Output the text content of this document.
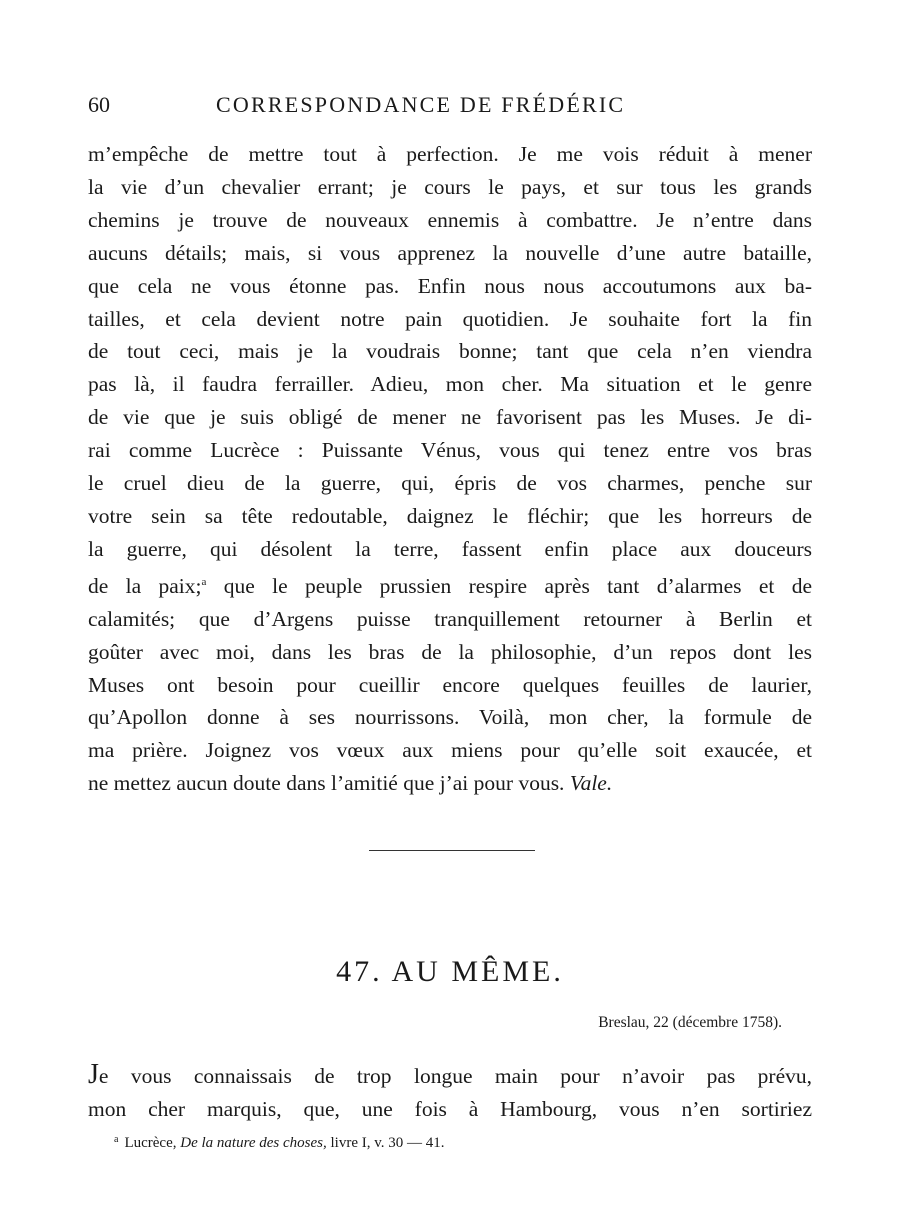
60	CORRESPONDANCE DE FRÉDÉRIC
m’empêche de mettre tout à perfection. Je me vois réduit à mener
la vie d’un chevalier errant; je cours le pays, et sur tous les grands
chemins je trouve de nouveaux ennemis à combattre. Je n’entre dans
aucuns détails; mais, si vous apprenez la nouvelle d’une autre bataille,
que cela ne vous étonne pas. Enfin nous nous accoutumons aux ba-
tailles, et cela devient notre pain quotidien. Je souhaite fort la fin
de tout ceci, mais je la voudrais bonne; tant que cela n’en viendra
pas là, il faudra ferrailler. Adieu, mon cher. Ma situation et le genre
de vie que je suis obligé de mener ne favorisent pas les Muses. Je di-
rai comme Lucrèce : Puissante Vénus, vous qui tenez entre vos bras
le cruel dieu de la guerre, qui, épris de vos charmes, penche sur
votre sein sa tête redoutable, daignez le fléchir; que les horreurs de
la guerre, qui désolent la terre, fassent enfin place aux douceurs
de la paix;$^a$ que le peuple prussien respire après tant d’alarmes et de
calamités; que d’Argens puisse tranquillement retourner à Berlin et
goûter avec moi, dans les bras de la philosophie, d’un repos dont les
Muses ont besoin pour cueillir encore quelques feuilles de laurier,
qu’Apollon donne à ses nourrissons. Voilà, mon cher, la formule de
ma prière. Joignez vos vœux aux miens pour qu’elle soit exaucée, et
ne mettez aucun doute dans l’amitié que j’ai pour vous. Vale.
47. AU MÊME.
Breslau, 22 (décembre 1758).
Je vous connaissais de trop longue main pour n’avoir pas prévu,
mon cher marquis, que, une fois à Hambourg, vous n’en sortiriez
$^a$ Lucrèce, De la nature des choses, livre I, v. 30 — 41.
